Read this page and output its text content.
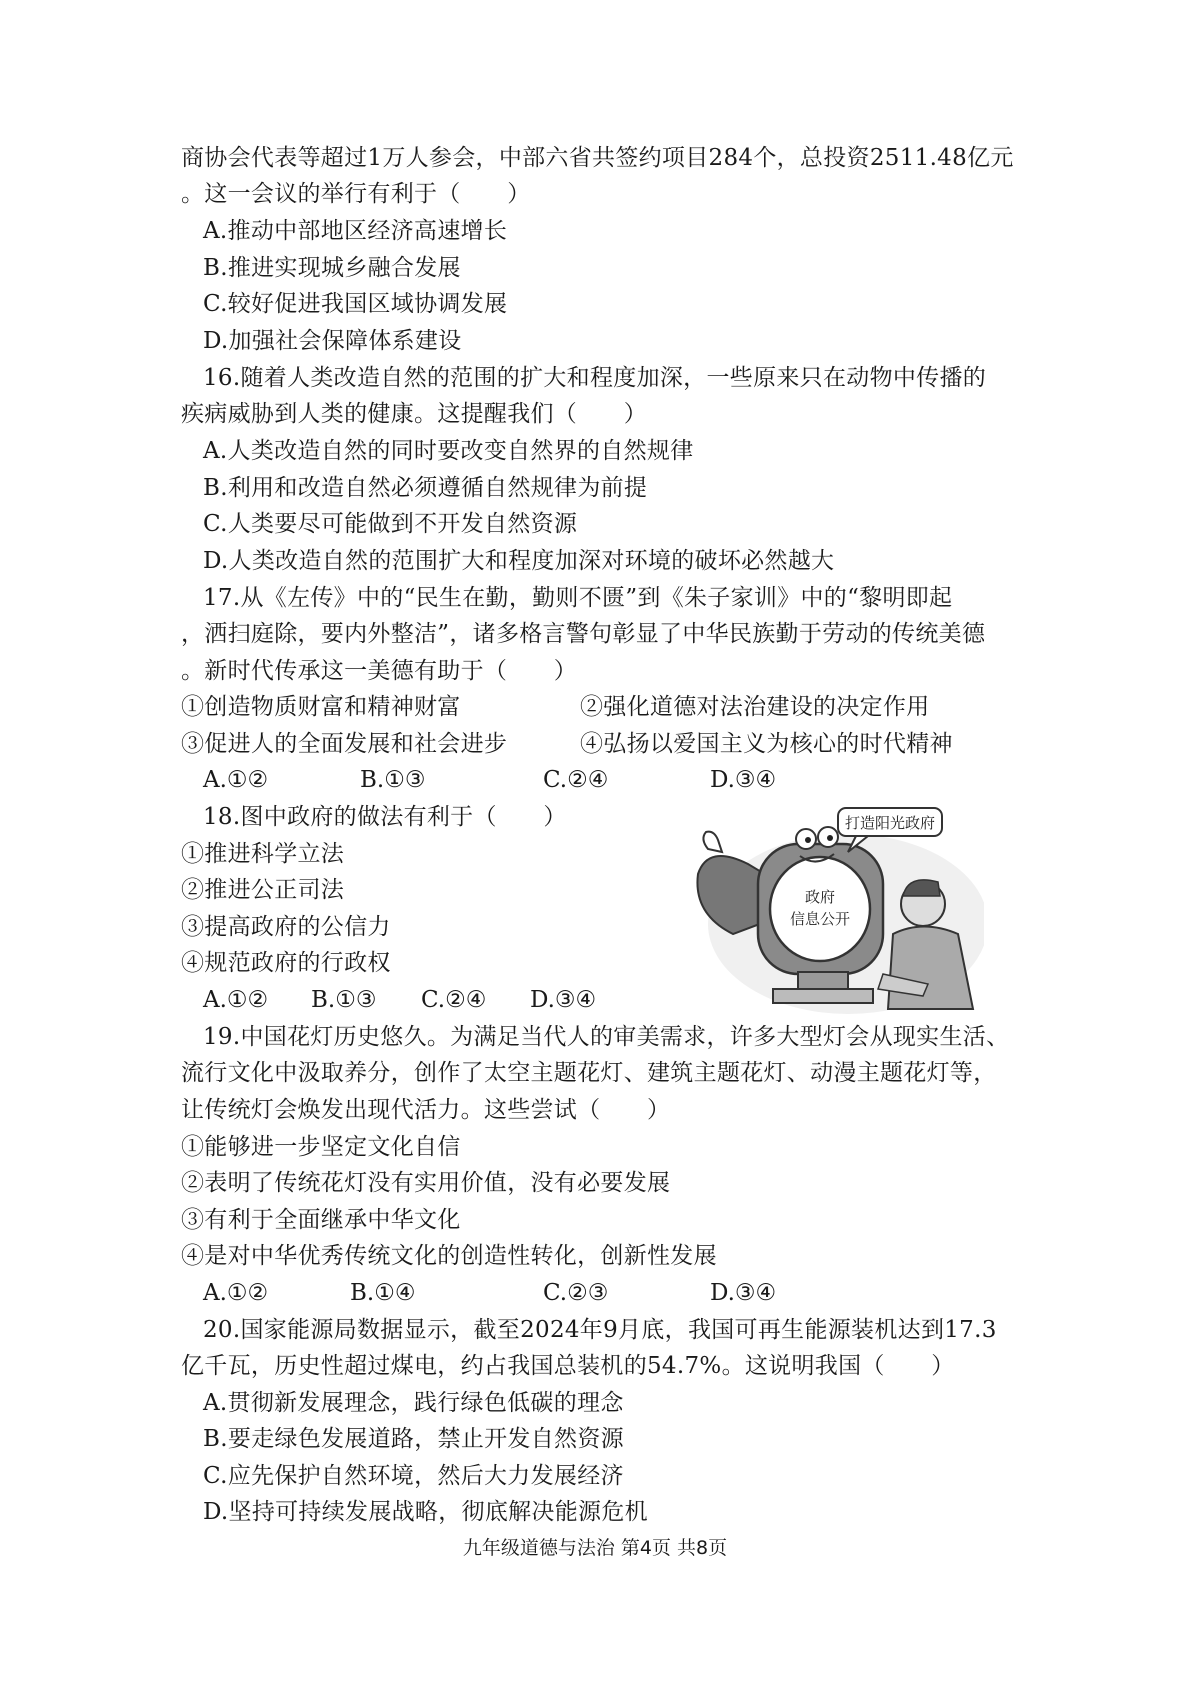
商协会代表等超过1万人参会，中部六省共签约项目284个，总投资2511.48亿元
。这一会议的举行有利于（　　）
A.推动中部地区经济高速增长
B.推进实现城乡融合发展
C.较好促进我国区域协调发展
D.加强社会保障体系建设
16.随着人类改造自然的范围的扩大和程度加深，一些原来只在动物中传播的
疾病威胁到人类的健康。这提醒我们（　　）
A.人类改造自然的同时要改变自然界的自然规律
B.利用和改造自然必须遵循自然规律为前提
C.人类要尽可能做到不开发自然资源
D.人类改造自然的范围扩大和程度加深对环境的破坏必然越大
17.从《左传》中的“民生在勤，勤则不匮”到《朱子家训》中的“黎明即起
，洒扫庭除，要内外整洁”，诸多格言警句彰显了中华民族勤于劳动的传统美德
。新时代传承这一美德有助于（　　）
①创造物质财富和精神财富	②强化道德对法治建设的决定作用
③促进人的全面发展和社会进步	④弘扬以爱国主义为核心的时代精神
A.①②	B.①③	C.②④	D.③④
18.图中政府的做法有利于（　　）
①推进科学立法
②推进公正司法
③提高政府的公信力
④规范政府的行政权
A.①② B.①③ C.②④ D.③④
政府
信息公开
打造阳光政府
19.中国花灯历史悠久。为满足当代人的审美需求，许多大型灯会从现实生活、
流行文化中汲取养分，创作了太空主题花灯、建筑主题花灯、动漫主题花灯等，
让传统灯会焕发出现代活力。这些尝试（　　）
①能够进一步坚定文化自信
②表明了传统花灯没有实用价值，没有必要发展
③有利于全面继承中华文化
④是对中华优秀传统文化的创造性转化，创新性发展
A.①②	B.①④	C.②③	D.③④
20.国家能源局数据显示，截至2024年9月底，我国可再生能源装机达到17.3
亿千瓦，历史性超过煤电，约占我国总装机的54.7%。这说明我国（　　）
A.贯彻新发展理念，践行绿色低碳的理念
B.要走绿色发展道路，禁止开发自然资源
C.应先保护自然环境，然后大力发展经济
D.坚持可持续发展战略，彻底解决能源危机
九年级道德与法治 第4页 共8页
